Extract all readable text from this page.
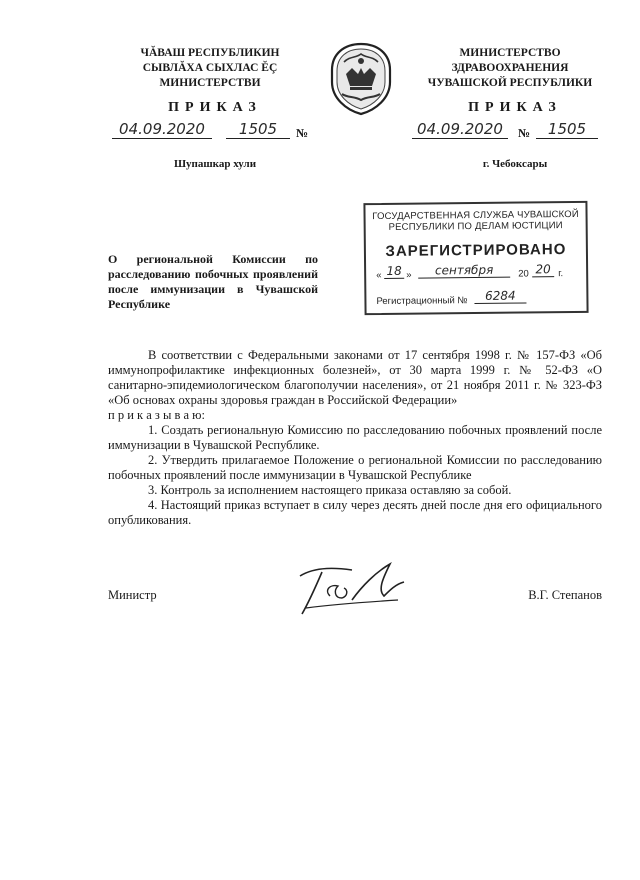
ЧĂВАШ РЕСПУБЛИКИН
СЫВЛĂХА СЫХЛАС ĔÇ
МИНИСТЕРСТВИ
ПРИКАЗ
04.09.2020	1505	№
Шупашкар хули
МИНИСТЕРСТВО
ЗДРАВООХРАНЕНИЯ
ЧУВАШСКОЙ РЕСПУБЛИКИ
ПРИКАЗ
04.09.2020	№	1505
г. Чебоксары
ГОСУДАРСТВЕННАЯ СЛУЖБА ЧУВАШСКОЙ
РЕСПУБЛИКИ ПО ДЕЛАМ ЮСТИЦИИ
ЗАРЕГИСТРИРОВАНО
« 18 »	сентября	20 20 г.
Регистрационный №	6284
О региональной Комиссии по расследованию побочных проявлений после иммунизации в Чувашской Республике

В соответствии с Федеральными законами от 17 сентября 1998 г. № 157-ФЗ «Об иммунопрофилактике инфекционных болезней», от 30 марта 1999 г. № 52-ФЗ «О санитарно-эпидемиологическом благополучии населения», от 21 ноября 2011 г. № 323-ФЗ «Об основах охраны здоровья граждан в Российской Федерации»

п р и к а з ы в а ю:

1. Создать региональную Комиссию по расследованию побочных проявлений после иммунизации в Чувашской Республике.

2. Утвердить прилагаемое Положение о региональной Комиссии по расследованию побочных проявлений после иммунизации в Чувашской Республике

3. Контроль за исполнением настоящего приказа оставляю за собой.

4. Настоящий приказ вступает в силу через десять дней после дня его официального опубликования.

Министр	В.Г. Степанов
